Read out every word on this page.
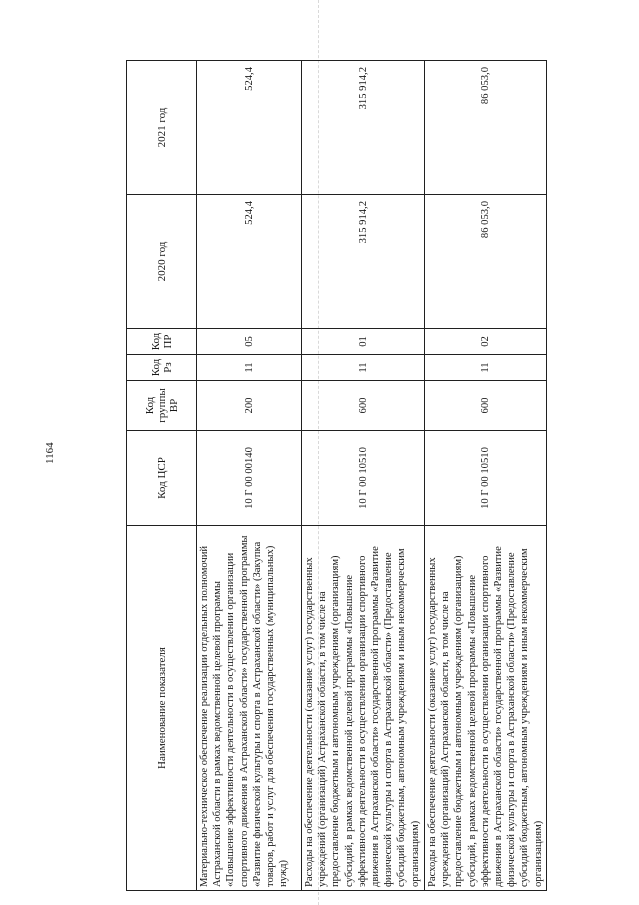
1164
Наименование показателя	Код ЦСР	Код группы ВР	Код Рз	Код ПР	2020 год	2021 год
Материально-техническое обеспечение реализации отдельных полномочий Астраханской области в рамках ведомственной целевой программы «Повышение эффективности деятельности в осуществлении организации спортивного движения в Астраханской области» государственной программы «Развитие физической культуры и спорта в Астраханской области» (Закупка товаров, работ и услуг для обеспечения государственных (муниципальных) нужд)	10 Г 00 00140	200	11	05	524,4	524,4
Расходы на обеспечение деятельности (оказание услуг) государственных учреждений (организаций) Астраханской области, в том числе на предоставление бюджетным и автономным учреждениям (организациям) субсидий, в рамках ведомственной целевой программы «Повышение эффективности деятельности в осуществлении организации спортивного движения в Астраханской области» государственной программы «Развитие физической культуры и спорта в Астраханской области» (Предоставление субсидий бюджетным, автономным учреждениям и иным некоммерческим организациям)	10 Г 00 10510	600	11	01	315 914,2	315 914,2
Расходы на обеспечение деятельности (оказание услуг) государственных учреждений (организаций) Астраханской области, в том числе на предоставление бюджетным и автономным учреждениям (организациям) субсидий, в рамках ведомственной целевой программы «Повышение эффективности деятельности в осуществлении организации спортивного движения в Астраханской области» государственной программы «Развитие физической культуры и спорта в Астраханской области» (Предоставление субсидий бюджетным, автономным учреждениям и иным некоммерческим организациям)	10 Г 00 10510	600	11	02	86 053,0	86 053,0
